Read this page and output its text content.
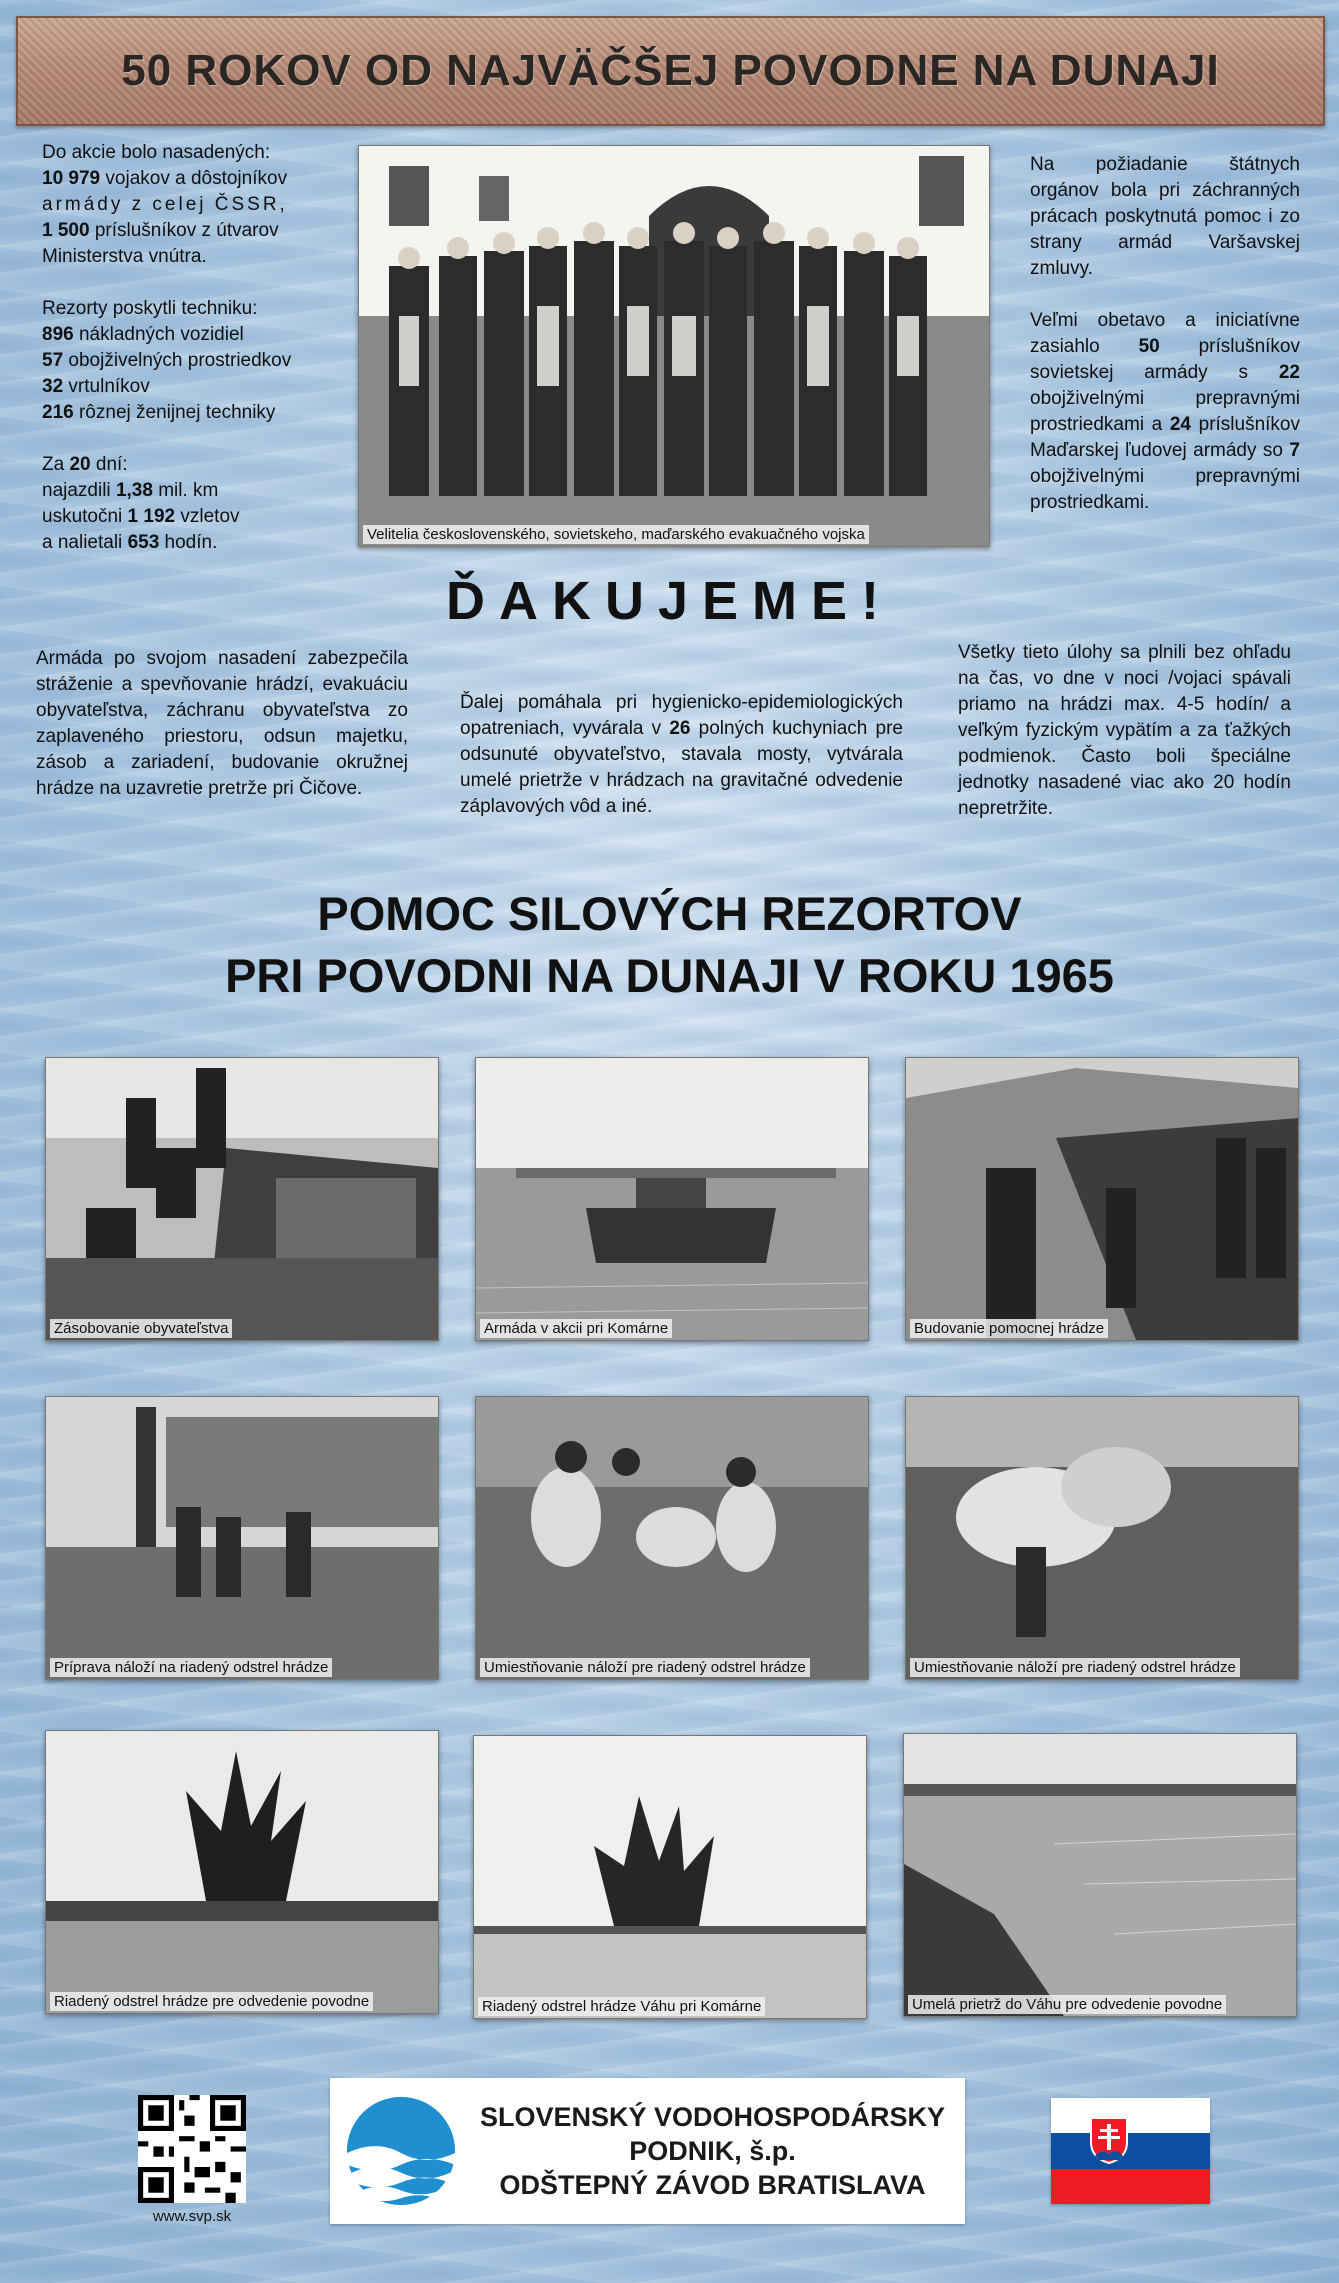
50 ROKOV OD NAJVÄČŠEJ POVODNE NA DUNAJI

Do akcie bolo nasadených:

10 979 vojakov a dôstojníkov

armády z celej ČSSR,

1 500 príslušníkov z útvarov

Ministerstva vnútra.

Rezorty poskytli techniku:

896 nákladných vozidiel

57 obojživelných prostriedkov

32 vrtulníkov

216 rôznej ženijnej techniky

Za 20 dní:

najazdili 1,38 mil. km

uskutočni 1 192 vzletov

a nalietali 653 hodín.	Velitelia československého, sovietskeho, maďarského evakuačného vojska

Na požiadanie štátnych orgánov bola pri záchranných prácach poskytnutá pomoc i zo strany armád Varšavskej zmluvy.

Veľmi obetavo a iniciatívne zasiahlo 50 príslušníkov sovietskej armády s 22 obojživelnými prepravnými prostriedkami a 24 príslušníkov Maďarskej ľudovej armády so 7 obojživelnými prepravnými prostriedkami.

ĎAKUJEME!
Armáda po svojom nasadení zabezpečila stráženie a spevňovanie hrádzí, evakuáciu obyvateľstva, záchranu obyvateľstva zo zaplaveného priestoru, odsun majetku, zásob a zariadení, budovanie okružnej hrádze na uzavretie pretrže pri Čičove.
Ďalej pomáhala pri hygienicko-epidemiologických opatreniach, vyvárala v 26 polných kuchyniach pre odsunuté obyvateľstvo, stavala mosty, vytvárala umelé prietrže v hrádzach na gravitačné odvedenie záplavových vôd a iné.
Všetky tieto úlohy sa plnili bez ohľadu na čas, vo dne v noci /vojaci spávali priamo na hrádzi max. 4-5 hodín/ a veľkým fyzickým vypätím a za ťažkých podmienok. Často boli špeciálne jednotky nasadené viac ako 20 hodín nepretržite.
POMOC SILOVÝCH REZORTOV
PRI POVODNI NA DUNAJI V ROKU 1965
Zásobovanie obyvateľstva	Armáda v akcii pri Komárne	Budovanie pomocnej hrádze
Príprava náloží na riadený odstrel hrádze	Umiestňovanie náloží pre riadený odstrel hrádze	Umiestňovanie náloží pre riadený odstrel hrádze
Riadený odstrel hrádze pre odvedenie povodne	Riadený odstrel hrádze Váhu pri Komárne	Umelá prietrž do Váhu pre odvedenie povodne
www.svp.sk
SLOVENSKÝ VODOHOSPODÁRSKY
PODNIK, š.p.
ODŠTEPNÝ ZÁVOD BRATISLAVA
